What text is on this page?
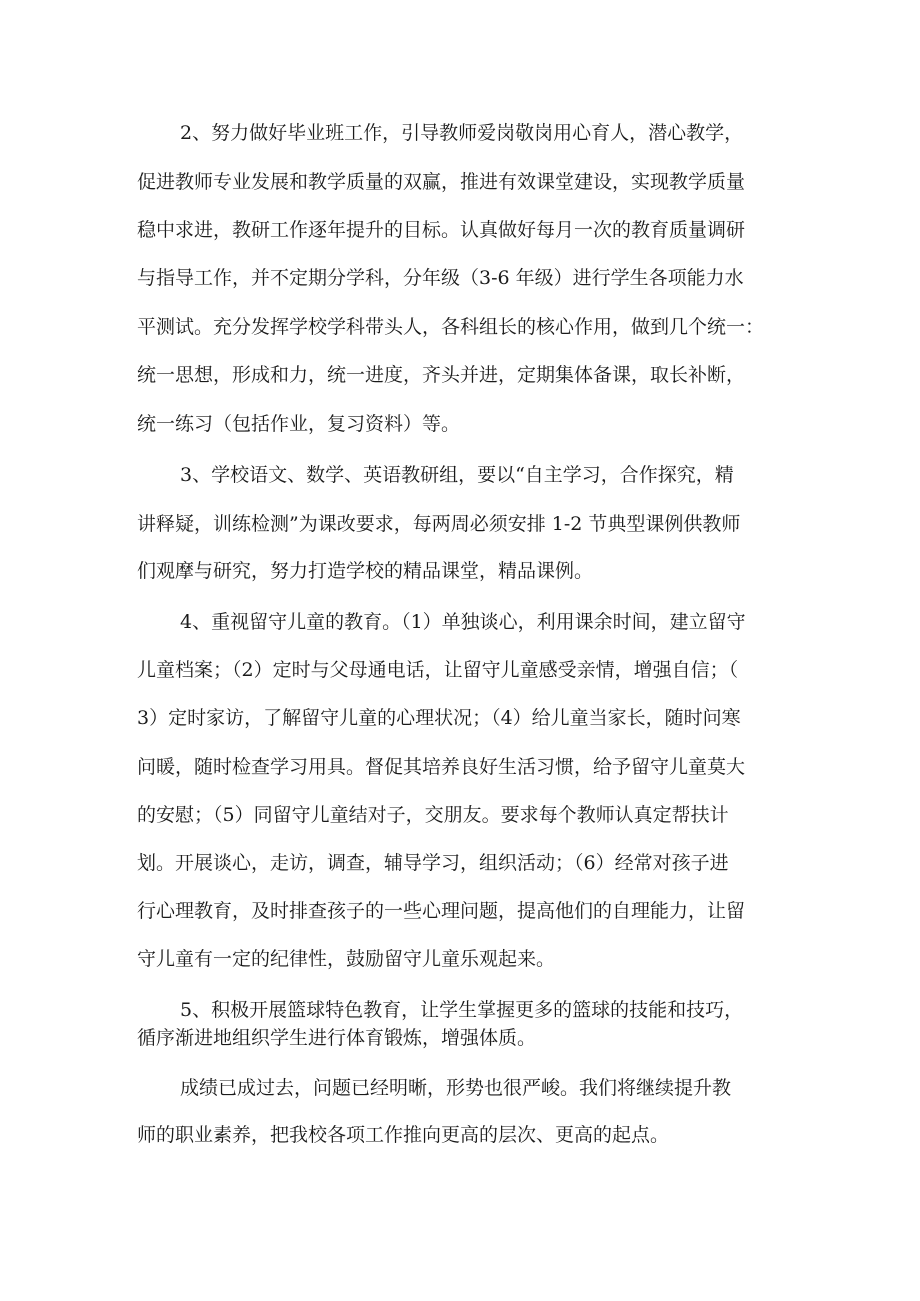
2、努力做好毕业班工作，引导教师爱岗敬岗用心育人，潜心教学，
促进教师专业发展和教学质量的双赢，推进有效课堂建设，实现教学质量
稳中求进，教研工作逐年提升的目标。认真做好每月一次的教育质量调研
与指导工作，并不定期分学科，分年级（3-6 年级）进行学生各项能力水
平测试。充分发挥学校学科带头人，各科组长的核心作用，做到几个统一：
统一思想，形成和力，统一进度，齐头并进，定期集体备课，取长补断，
统一练习（包括作业，复习资料）等。
3、学校语文、数学、英语教研组，要以“自主学习，合作探究，精
讲释疑，训练检测”为课改要求，每两周必须安排 1-2 节典型课例供教师
们观摩与研究，努力打造学校的精品课堂，精品课例。
4、重视留守儿童的教育。（1）单独谈心，利用课余时间，建立留守
儿童档案；（2）定时与父母通电话，让留守儿童感受亲情，增强自信；（
3）定时家访，了解留守儿童的心理状况；（4）给儿童当家长，随时问寒
问暖，随时检查学习用具。督促其培养良好生活习惯，给予留守儿童莫大
的安慰；（5）同留守儿童结对子，交朋友。要求每个教师认真定帮扶计
划。开展谈心，走访，调查，辅导学习，组织活动；（6）经常对孩子进
行心理教育，及时排查孩子的一些心理问题，提高他们的自理能力，让留
守儿童有一定的纪律性，鼓励留守儿童乐观起来。
5、积极开展篮球特色教育，让学生掌握更多的篮球的技能和技巧，
循序渐进地组织学生进行体育锻炼，增强体质。
成绩已成过去，问题已经明晰，形势也很严峻。我们将继续提升教
师的职业素养，把我校各项工作推向更高的层次、更高的起点。
